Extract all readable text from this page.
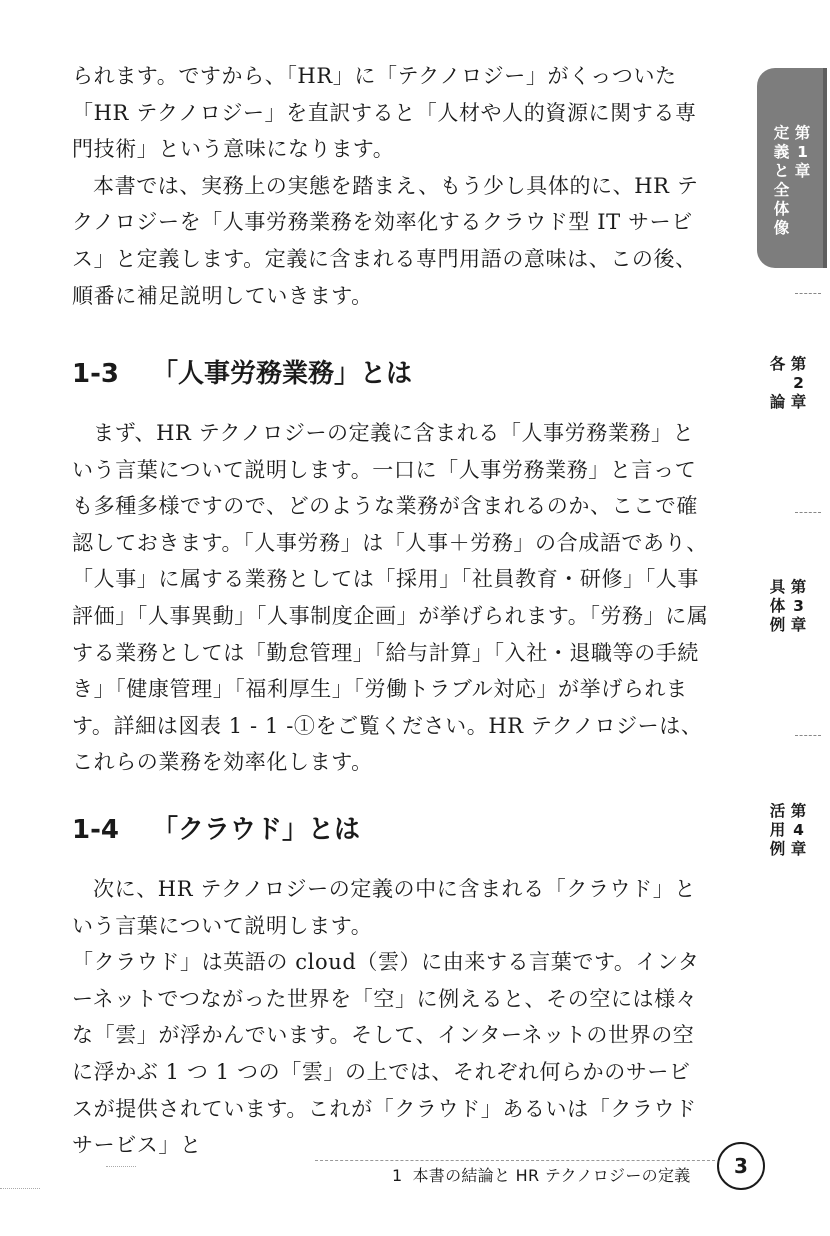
られます。ですから、「HR」に「テクノロジー」がくっついた「HR テクノロジー」を直訳すると「人材や人的資源に関する専門技術」という意味になります。

本書では、実務上の実態を踏まえ、もう少し具体的に、HR テクノロジーを「人事労務業務を効率化するクラウド型 IT サービス」と定義します。定義に含まれる専門用語の意味は、この後、順番に補足説明していきます。

1-3 「人事労務業務」とは

まず、HR テクノロジーの定義に含まれる「人事労務業務」という言葉について説明します。一口に「人事労務業務」と言っても多種多様ですので、どのような業務が含まれるのか、ここで確認しておきます。「人事労務」は「人事＋労務」の合成語であり、「人事」に属する業務としては「採用」「社員教育・研修」「人事評価」「人事異動」「人事制度企画」が挙げられます。「労務」に属する業務としては「勤怠管理」「給与計算」「入社・退職等の手続き」「健康管理」「福利厚生」「労働トラブル対応」が挙げられます。詳細は図表 1 - 1 -①をご覧ください。HR テクノロジーは、これらの業務を効率化します。

1-4 「クラウド」とは

次に、HR テクノロジーの定義の中に含まれる「クラウド」という言葉について説明します。

「クラウド」は英語の cloud（雲）に由来する言葉です。インターネットでつながった世界を「空」に例えると、その空には様々な「雲」が浮かんでいます。そして、インターネットの世界の空に浮かぶ 1 つ 1 つの「雲」の上では、それぞれ何らかのサービスが提供されています。これが「クラウド」あるいは「クラウドサービス」と

第
1
章
定
義
と
全
体
像
第
2
章
各
論
第
3
章
具
体
例
第
4
章
活
用
例
1 本書の結論と HR テクノロジーの定義	3
